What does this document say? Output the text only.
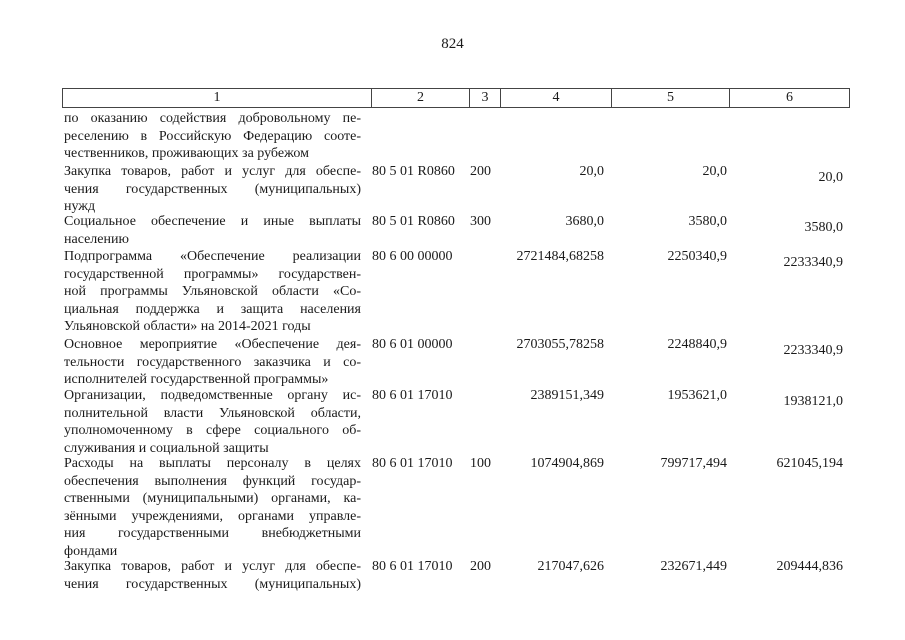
824
1	2	3	4	5	6
по оказанию содействия добровольному пе-
реселению в Российскую Федерацию сооте-
чественников, проживающих за рубежом
Закупка товаров, работ и услуг для обеспе-
чения государственных (муниципальных)
нужд
80 5 01 R0860 200	20,0	20,0	20,0
Социальное обеспечение и иные выплаты
населению
80 5 01 R0860 300	3680,0	3580,0	3580,0
Подпрограмма «Обеспечение реализации
государственной программы» государствен-
ной программы Ульяновской области «Со-
циальная поддержка и защита населения
Ульяновской области» на 2014-2021 годы
80 6 00 00000	2721484,68258	2250340,9	2233340,9
Основное мероприятие «Обеспечение дея-
тельности государственного заказчика и со-
исполнителей государственной программы»
80 6 01 00000	2703055,78258	2248840,9	2233340,9
Организации, подведомственные органу ис-
полнительной власти Ульяновской области,
уполномоченному в сфере социального об-
служивания и социальной защиты
80 6 01 17010	2389151,349	1953621,0	1938121,0
Расходы на выплаты персоналу в целях
обеспечения выполнения функций государ-
ственными (муниципальными) органами, ка-
зёнными учреждениями, органами управле-
ния государственными внебюджетными
фондами
80 6 01 17010 100	1074904,869	799717,494	621045,194
Закупка товаров, работ и услуг для обеспе-
чения государственных (муниципальных)
80 6 01 17010 200	217047,626	232671,449	209444,836
